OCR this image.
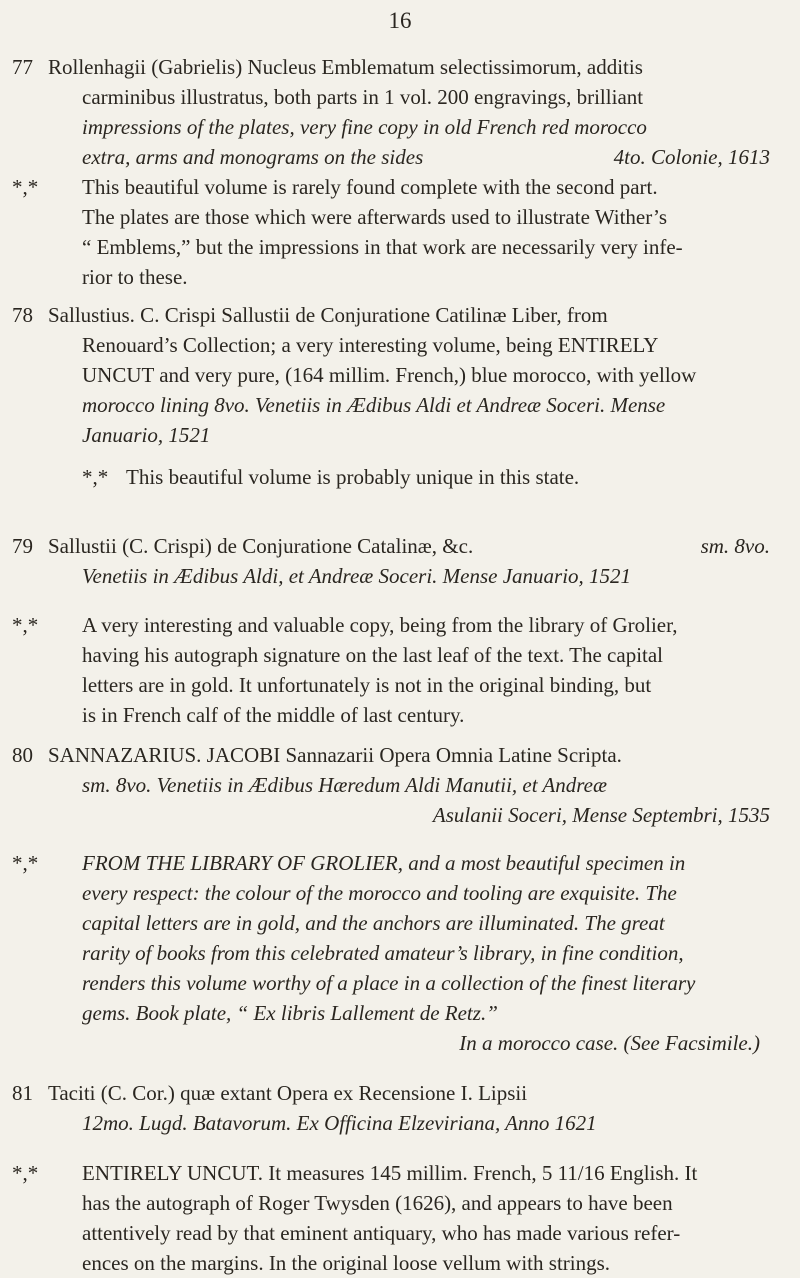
16
77 Rollenhagii (Gabrielis) Nucleus Emblematum selectissimorum, additis

carminibus illustratus, both parts in 1 vol. 200 engravings, brilliant

impressions of the plates, very fine copy in old French red morocco

extra, arms and monograms on the sides	4to. Colonie, 1613

*,* This beautiful volume is rarely found complete with the second part.

The plates are those which were afterwards used to illustrate Wither’s

“ Emblems,” but the impressions in that work are necessarily very infe-

rior to these.

78 Sallustius. C. Crispi Sallustii de Conjuratione Catilinæ Liber, from

Renouard’s Collection; a very interesting volume, being ENTIRELY

UNCUT and very pure, (164 millim. French,) blue morocco, with yellow

morocco lining 8vo. Venetiis in Ædibus Aldi et Andreæ Soceri. Mense

Januario, 1521

*,* This beautiful volume is probably unique in this state.

79 Sallustii (C. Crispi) de Conjuratione Catalinæ, &c.	sm. 8vo.

Venetiis in Ædibus Aldi, et Andreæ Soceri. Mense Januario, 1521

*,* A very interesting and valuable copy, being from the library of Grolier,

having his autograph signature on the last leaf of the text. The capital

letters are in gold. It unfortunately is not in the original binding, but

is in French calf of the middle of last century.

80 SANNAZARIUS. JACOBI Sannazarii Opera Omnia Latine Scripta.

sm. 8vo. Venetiis in Ædibus Hæredum Aldi Manutii, et Andreæ

Asulanii Soceri, Mense Septembri, 1535

*,* FROM THE LIBRARY OF GROLIER, and a most beautiful specimen in

every respect: the colour of the morocco and tooling are exquisite. The

capital letters are in gold, and the anchors are illuminated. The great

rarity of books from this celebrated amateur’s library, in fine condition,

renders this volume worthy of a place in a collection of the finest literary

gems. Book plate, “ Ex libris Lallement de Retz.”

In a morocco case. (See Facsimile.)

81 Taciti (C. Cor.) quæ extant Opera ex Recensione I. Lipsii

12mo. Lugd. Batavorum. Ex Officina Elzeviriana, Anno 1621

*,* ENTIRELY UNCUT. It measures 145 millim. French, 5 11/16 English. It

has the autograph of Roger Twysden (1626), and appears to have been

attentively read by that eminent antiquary, who has made various refer-

ences on the margins. In the original loose vellum with strings.
